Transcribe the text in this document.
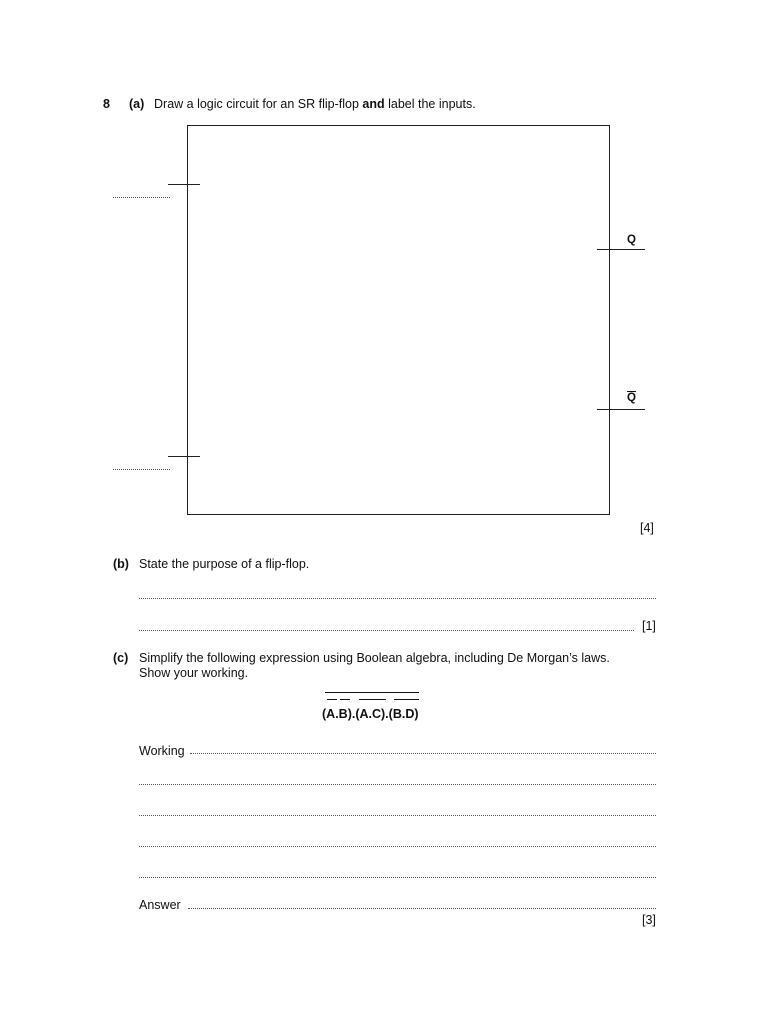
8 (a) Draw a logic circuit for an SR flip-flop and label the inputs.
Q
Q
[4]
(b) State the purpose of a flip-flop.
[1]
(c) Simplify the following expression using Boolean algebra, including De Morgan’s laws.
Show your working.
(A.B).(A.C).(B.D)
Working
Answer
[3]
